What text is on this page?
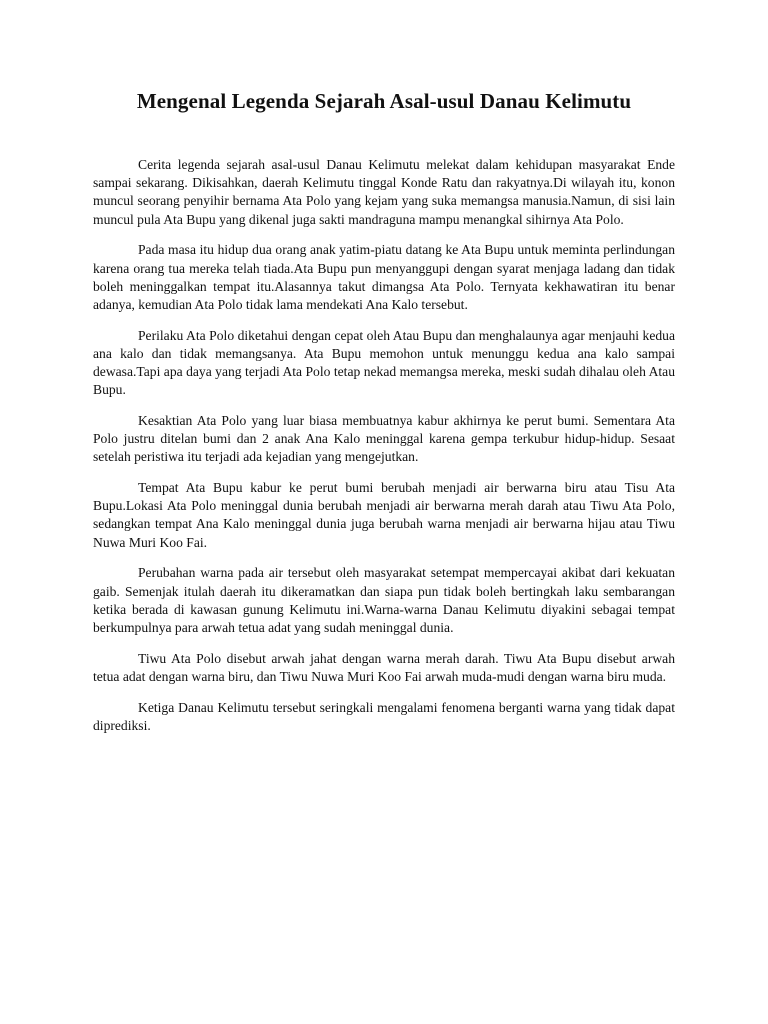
Mengenal Legenda Sejarah Asal-usul Danau Kelimutu

Cerita legenda sejarah asal-usul Danau Kelimutu melekat dalam kehidupan masyarakat Ende sampai sekarang. Dikisahkan, daerah Kelimutu tinggal Konde Ratu dan rakyatnya.Di wilayah itu, konon muncul seorang penyihir bernama Ata Polo yang kejam yang suka memangsa manusia.Namun, di sisi lain muncul pula Ata Bupu yang dikenal juga sakti mandraguna mampu menangkal sihirnya Ata Polo.

Pada masa itu hidup dua orang anak yatim-piatu datang ke Ata Bupu untuk meminta perlindungan karena orang tua mereka telah tiada.Ata Bupu pun menyanggupi dengan syarat menjaga ladang dan tidak boleh meninggalkan tempat itu.Alasannya takut dimangsa Ata Polo. Ternyata kekhawatiran itu benar adanya, kemudian Ata Polo tidak lama mendekati Ana Kalo tersebut.

Perilaku Ata Polo diketahui dengan cepat oleh Atau Bupu dan menghalaunya agar menjauhi kedua ana kalo dan tidak memangsanya. Ata Bupu memohon untuk menunggu kedua ana kalo sampai dewasa.Tapi apa daya yang terjadi Ata Polo tetap nekad memangsa mereka, meski sudah dihalau oleh Atau Bupu.

Kesaktian Ata Polo yang luar biasa membuatnya kabur akhirnya ke perut bumi. Sementara Ata Polo justru ditelan bumi dan 2 anak Ana Kalo meninggal karena gempa terkubur hidup-hidup. Sesaat setelah peristiwa itu terjadi ada kejadian yang mengejutkan.

Tempat Ata Bupu kabur ke perut bumi berubah menjadi air berwarna biru atau Tisu Ata Bupu.Lokasi Ata Polo meninggal dunia berubah menjadi air berwarna merah darah atau Tiwu Ata Polo, sedangkan tempat Ana Kalo meninggal dunia juga berubah warna menjadi air berwarna hijau atau Tiwu Nuwa Muri Koo Fai.

Perubahan warna pada air tersebut oleh masyarakat setempat mempercayai akibat dari kekuatan gaib. Semenjak itulah daerah itu dikeramatkan dan siapa pun tidak boleh bertingkah laku sembarangan ketika berada di kawasan gunung Kelimutu ini.Warna-warna Danau Kelimutu diyakini sebagai tempat berkumpulnya para arwah tetua adat yang sudah meninggal dunia.

Tiwu Ata Polo disebut arwah jahat dengan warna merah darah. Tiwu Ata Bupu disebut arwah tetua adat dengan warna biru, dan Tiwu Nuwa Muri Koo Fai arwah muda-mudi dengan warna biru muda.

Ketiga Danau Kelimutu tersebut seringkali mengalami fenomena berganti warna yang tidak dapat diprediksi.
